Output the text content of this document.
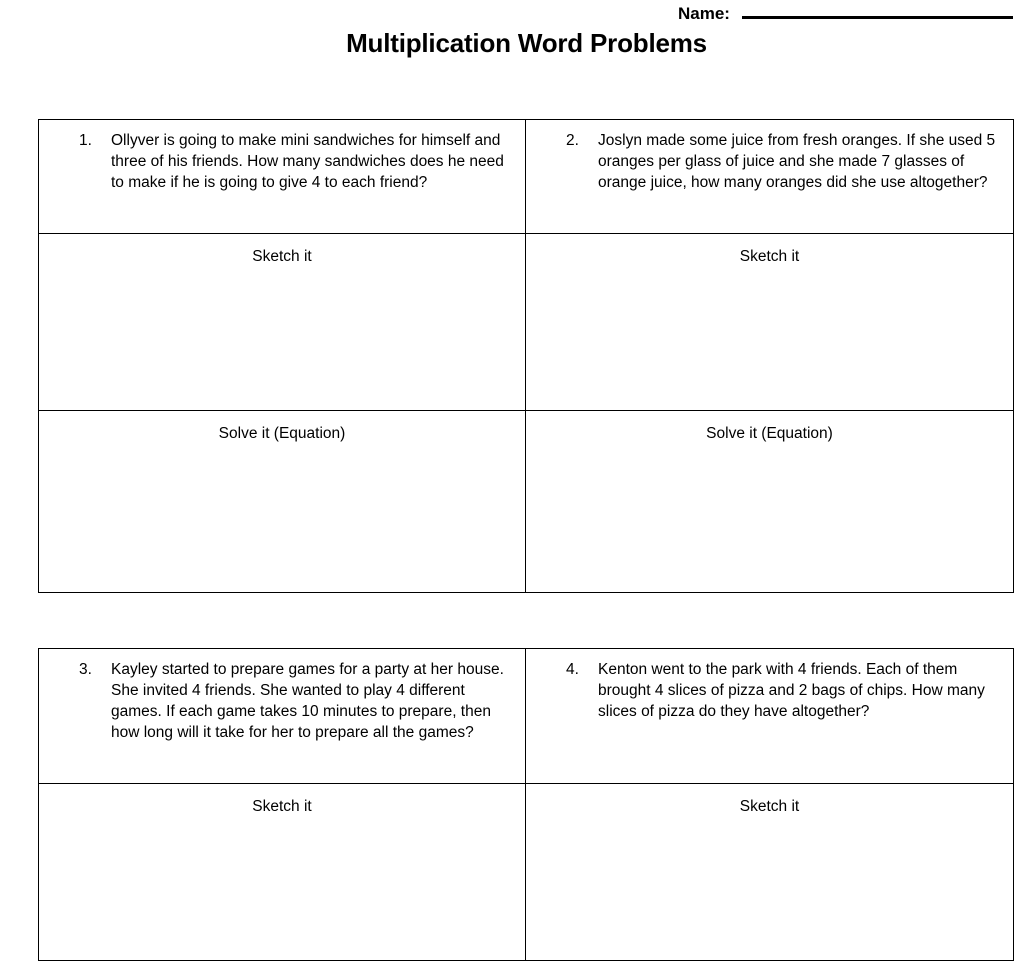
Name:
Multiplication Word Problems
1. Ollyver is going to make mini sandwiches for himself and three of his friends. How many sandwiches does he need to make if he is going to give 4 to each friend?	2. Joslyn made some juice from fresh oranges. If she used 5 oranges per glass of juice and she made 7 glasses of orange juice, how many oranges did she use altogether?

Sketch it	Sketch it

Solve it (Equation)	Solve it (Equation)
3. Kayley started to prepare games for a party at her house. She invited 4 friends. She wanted to play 4 different games. If each game takes 10 minutes to prepare, then how long will it take for her to prepare all the games?	4. Kenton went to the park with 4 friends. Each of them brought 4 slices of pizza and 2 bags of chips. How many slices of pizza do they have altogether?

Sketch it	Sketch it
